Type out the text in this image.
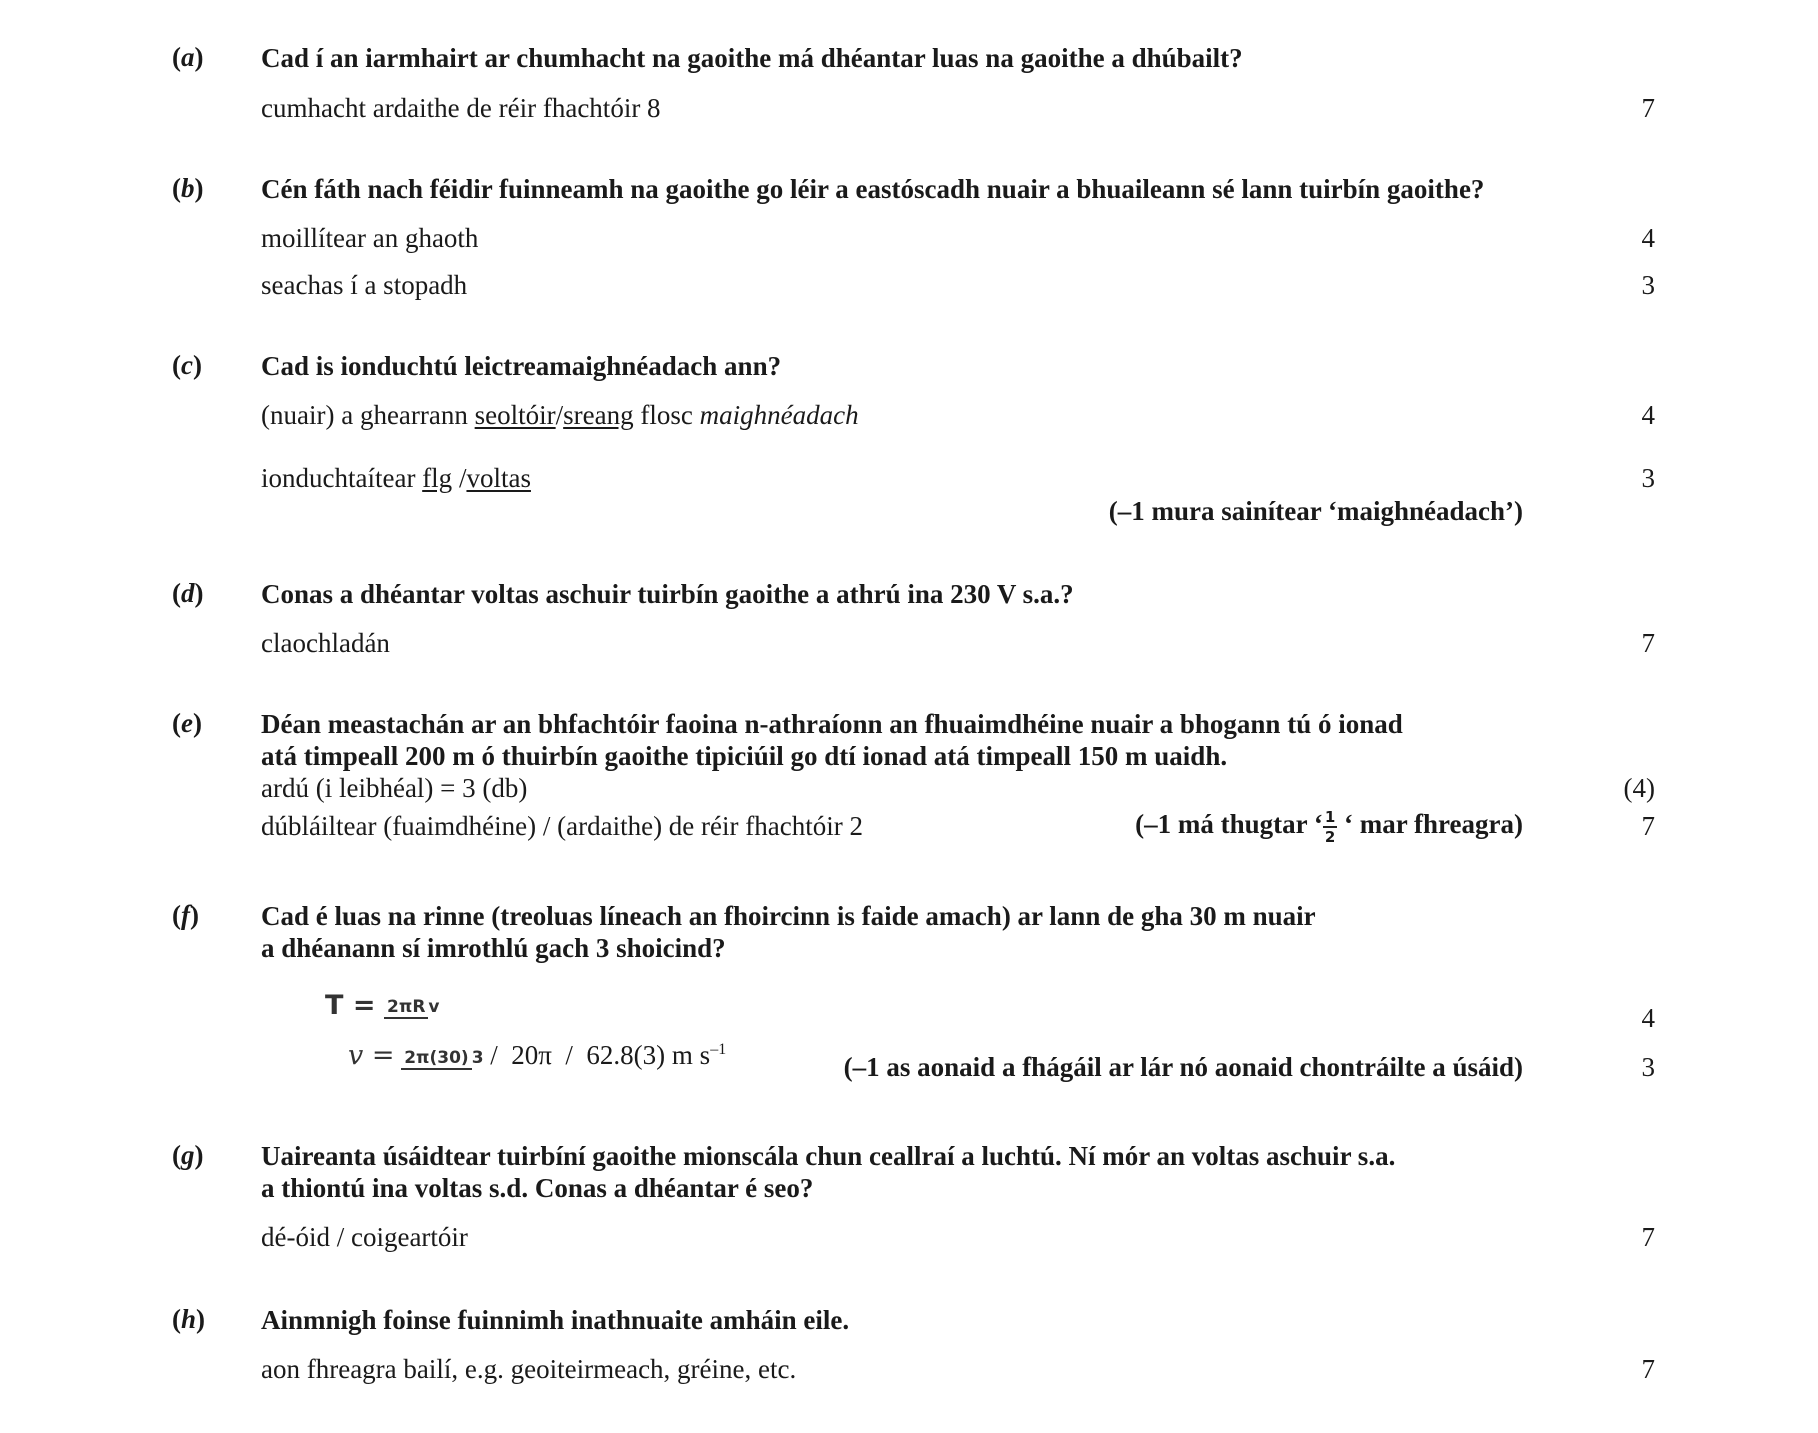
(a) Cad í an iarmhairt ar chumhacht na gaoithe má dhéantar luas na gaoithe a dhúbailt?
cumhacht ardaithe de réir fhachtóir 8	7
(b) Cén fáth nach féidir fuinneamh na gaoithe go léir a eastóscadh nuair a bhuaileann sé lann tuirbín gaoithe?
moillítear an ghaoth	4
seachas í a stopadh	3
(c) Cad is ionduchtú leictreamaighnéadach ann?
(nuair) a ghearrann seoltóir/sreang flosc maighnéadach	4
ionduchtaítear flg /voltas	3
(–1 mura sainítear ‘maighnéadach’)
(d) Conas a dhéantar voltas aschuir tuirbín gaoithe a athrú ina 230 V s.a.?
claochladán	7
(e) Déan meastachán ar an bhfachtóir faoina n-athraíonn an fhuaimdhéine nuair a bhogann tú ó ionad
atá timpeall 200 m ó thuirbín gaoithe tipiciúil go dtí ionad atá timpeall 150 m uaidh.
ardú (i leibhéal) = 3 (db)	(4)
dúbláiltear (fuaimdhéine) / (ardaithe) de réir fhachtóir 2	(–1 má thugtar ‘ $\frac{1}{2}$ ‘ mar fhreagra)	7
(f) Cad é luas na rinne (treoluas líneach an fhoircinn is faide amach) ar lann de gha 30 m nuair
a dhéanann sí imrothlú gach 3 shoicind?
T = 2πR v	4
v = 2π(30) 3 /  20π  /  62.8(3) m $s^{-1}$
(–1 as aonaid a fhágáil ar lár nó aonaid chontráilte a úsáid)	3
(g) Uaireanta úsáidtear tuirbíní gaoithe mionscála chun ceallraí a luchtú. Ní mór an voltas aschuir s.a.
a thiontú ina voltas s.d. Conas a dhéantar é seo?
dé-óid / coigeartóir	7
(h) Ainmnigh foinse fuinnimh inathnuaite amháin eile.
aon fhreagra bailí, e.g. geoiteirmeach, gréine, etc.	7
